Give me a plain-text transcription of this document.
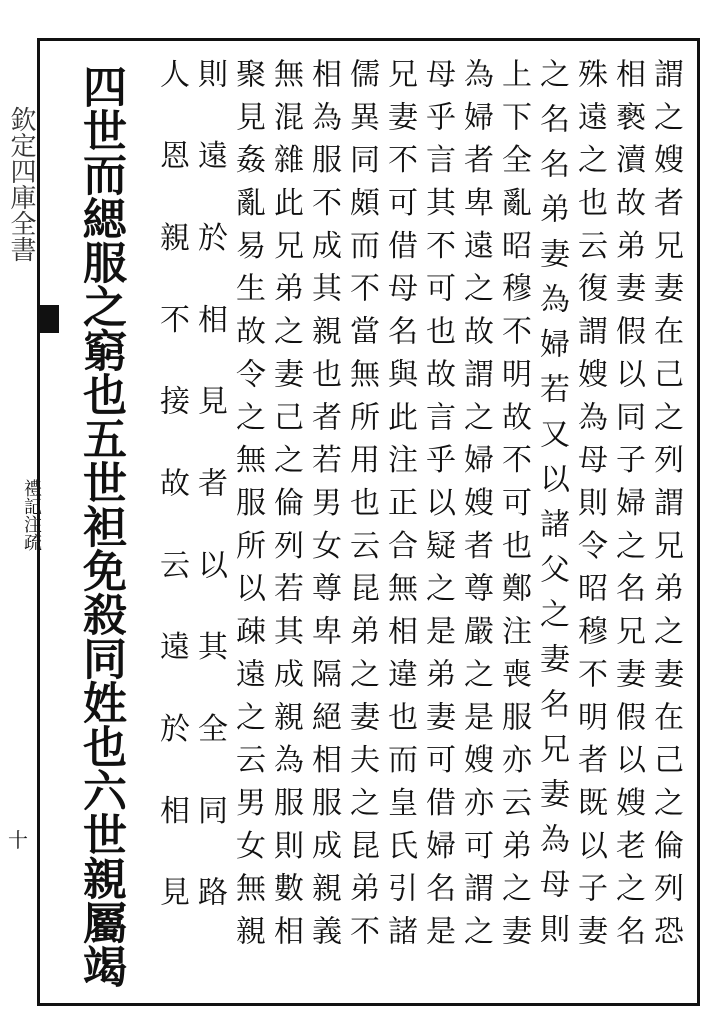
欽定四庫全書
禮記注疏
十	謂之嫂者兄妻在己之列謂兄弟之妻在己之倫列恐
相褻瀆故弟妻假以同子婦之名兄妻假以嫂老之名
殊遠之也云復謂嫂為母則令昭穆不明者既以子妻
之名名弟妻為婦若又以諸父之妻名兄妻為母則
上下全亂昭穆不明故不可也鄭注喪服亦云弟之妻
為婦者卑遠之故謂之婦嫂者尊嚴之是嫂亦可謂之
母乎言其不可也故言乎以疑之是弟妻可借婦名是
兄妻不可借母名與此注正合無相違也而皇氏引諸
儒異同頗而不當無所用也云昆弟之妻夫之昆弟不
相為服不成其親也者若男女尊卑隔絕相服成親義
無混雜此兄弟之妻己之倫列若其成親為服則數相
聚見姦亂易生故令之無服所以疎遠之云男女無親
四世而緦服之窮也五世袒免殺同姓也六世親屬竭 則遠於相見者以其全同路
人恩親不接故云遠於相見
